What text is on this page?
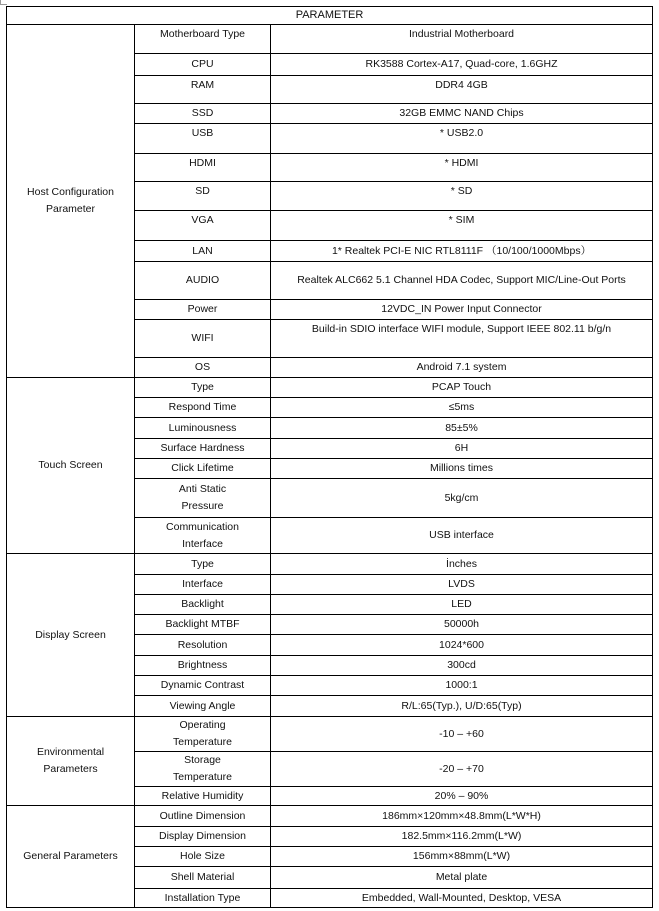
PARAMETER		
Host Configuration Parameter	Motherboard Type	Industrial Motherboard
	CPU	RK3588 Cortex-A17, Quad-core, 1.6GHZ
	RAM	DDR4 4GB
	SSD	32GB EMMC NAND Chips
	USB	* USB2.0
	HDMI	* HDMI
	SD	* SD
	VGA	* SIM
	LAN	1* Realtek PCI-E NIC RTL8111F （10/100/1000Mbps）
	AUDIO	Realtek ALC662 5.1 Channel HDA Codec, Support MIC/Line-Out Ports
	Power	12VDC_IN Power Input Connector
	WIFI	Build-in SDIO interface WIFI module, Support IEEE 802.11 b/g/n
	OS	Android 7.1 system
Touch Screen	Type	PCAP Touch
	Respond Time	≤5ms
	Luminousness	85±5%
	Surface Hardness	6H
	Click Lifetime	Millions times
	Anti Static Pressure	5kg/cm
	Communication Interface	USB interface
Display Screen	Type	İnches
	Interface	LVDS
	Backlight	LED
	Backlight MTBF	50000h
	Resolution	1024*600
	Brightness	300cd
	Dynamic Contrast	1000:1
	Viewing Angle	R/L:65(Typ.), U/D:65(Typ)
Environmental Parameters	Operating Temperature	-10 – +60
	Storage Temperature	-20 – +70
	Relative Humidity	20% – 90%
General Parameters	Outline Dimension	186mm×120mm×48.8mm(L*W*H)
	Display Dimension	182.5mm×116.2mm(L*W)
	Hole Size	156mm×88mm(L*W)
	Shell Material	Metal plate
	Installation Type	Embedded, Wall-Mounted, Desktop, VESA
